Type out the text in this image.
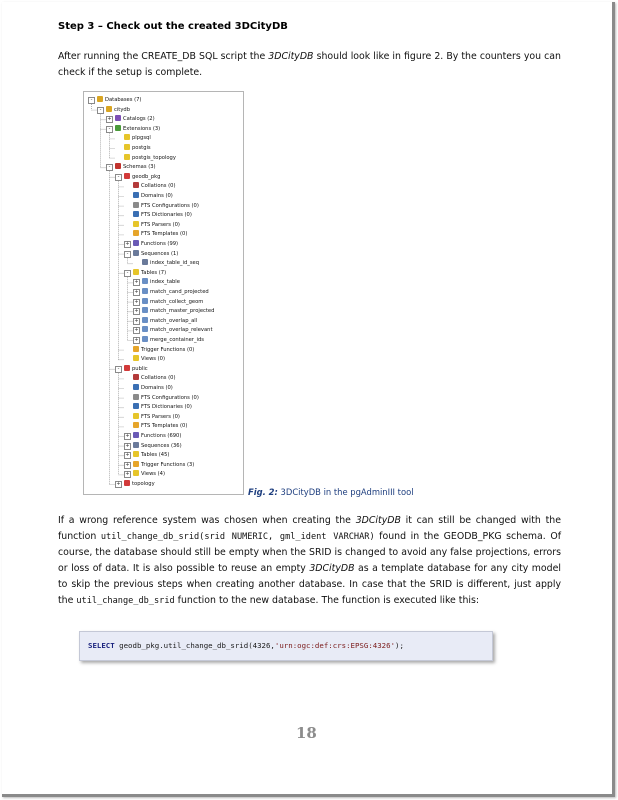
Step 3 – Check out the created 3DCityDB
After running the CREATE_DB SQL script the 3DCityDB should look like in figure 2. By the counters you can check if the setup is complete.
- Databases (7)
- citydb
+ Catalogs (2)
- Extensions (3)
plpgsql
postgis
postgis_topology
- Schemas (3)
- geodb_pkg
Collations (0)
Domains (0)
FTS Configurations (0)
FTS Dictionaries (0)
FTS Parsers (0)
FTS Templates (0)
+ Functions (99)
- Sequences (1)
index_table_id_seq
- Tables (7)
+ index_table
+ match_cand_projected
+ match_collect_geom
+ match_master_projected
+ match_overlap_all
+ match_overlap_relevant
+ merge_container_ids
Trigger Functions (0)
Views (0)
- public
Collations (0)
Domains (0)
FTS Configurations (0)
FTS Dictionaries (0)
FTS Parsers (0)
FTS Templates (0)
+ Functions (690)
+ Sequences (36)
+ Tables (45)
+ Trigger Functions (3)
+ Views (4)
+ topology
Fig. 2: 3DCityDB in the pgAdminIII tool
If a wrong reference system was chosen when creating the 3DCityDB it can still be changed with the function util_change_db_srid(srid NUMERIC, gml_ident VARCHAR) found in the GEODB_PKG schema. Of course, the database should still be empty when the SRID is changed to avoid any false projections, errors or loss of data. It is also possible to reuse an empty 3DCityDB as a template database for any city model to skip the previous steps when creating another database. In case that the SRID is different, just apply the util_change_db_srid function to the new database. The function is executed like this:
SELECT geodb_pkg.util_change_db_srid(4326,'urn:ogc:def:crs:EPSG:4326');
18
